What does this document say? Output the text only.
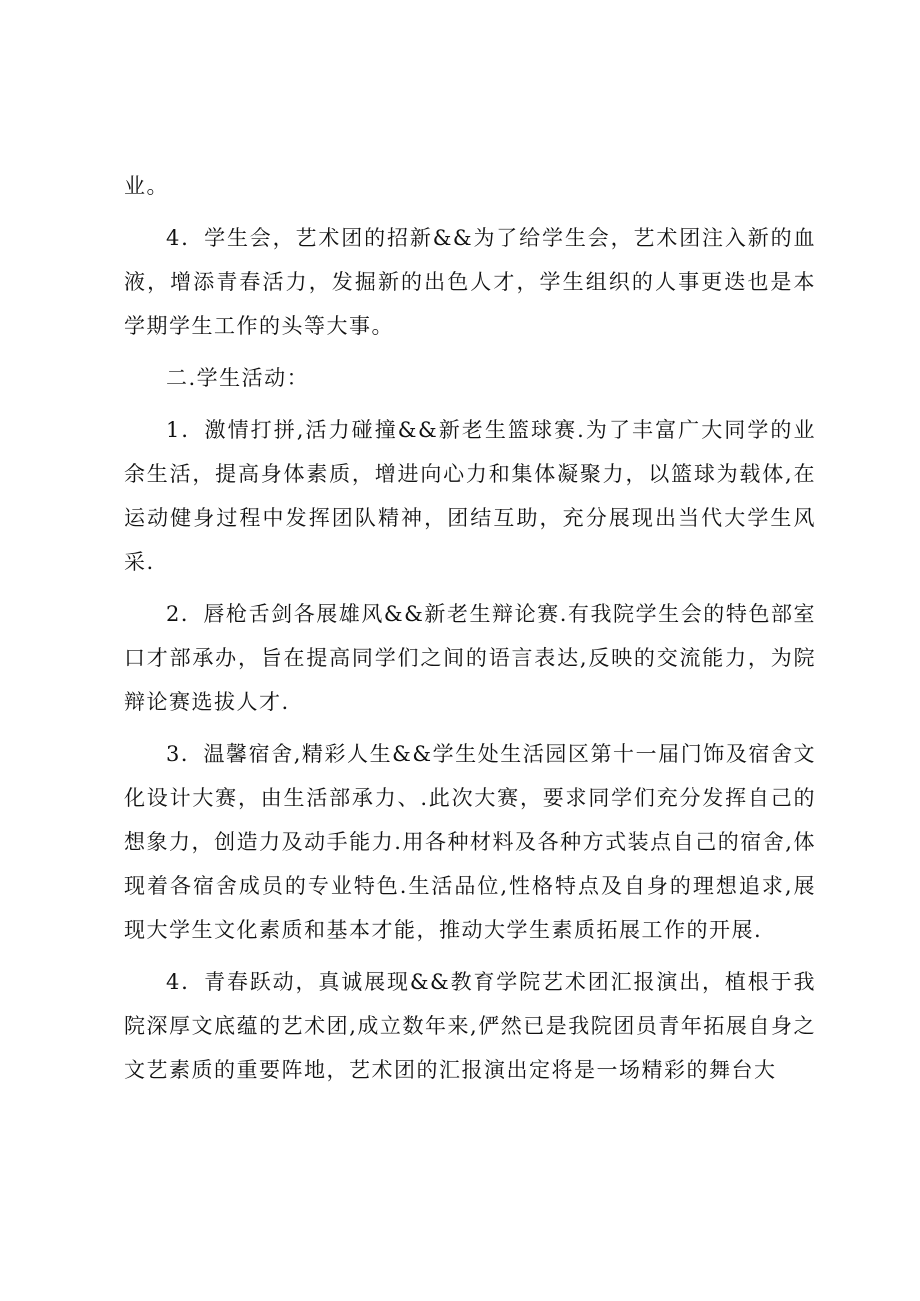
业。

4．学生会，艺术团的招新&&为了给学生会，艺术团注入新的血液，增添青春活力，发掘新的出色人才，学生组织的人事更迭也是本学期学生工作的头等大事。

二.学生活动：

1．激情打拼,活力碰撞&&新老生篮球赛.为了丰富广大同学的业余生活，提高身体素质，增进向心力和集体凝聚力，以篮球为载体,在运动健身过程中发挥团队精神，团结互助，充分展现出当代大学生风采.

2．唇枪舌剑各展雄风&&新老生辩论赛.有我院学生会的特色部室口才部承办，旨在提高同学们之间的语言表达,反映的交流能力，为院辩论赛选拔人才.

3．温馨宿舍,精彩人生&&学生处生活园区第十一届门饰及宿舍文化设计大赛，由生活部承力、.此次大赛，要求同学们充分发挥自己的想象力，创造力及动手能力.用各种材料及各种方式装点自己的宿舍,体现着各宿舍成员的专业特色.生活品位,性格特点及自身的理想追求,展现大学生文化素质和基本才能，推动大学生素质拓展工作的开展.

4．青春跃动，真诚展现&&教育学院艺术团汇报演出，植根于我院深厚文底蕴的艺术团,成立数年来,俨然已是我院团员青年拓展自身之文艺素质的重要阵地，艺术团的汇报演出定将是一场精彩的舞台大
